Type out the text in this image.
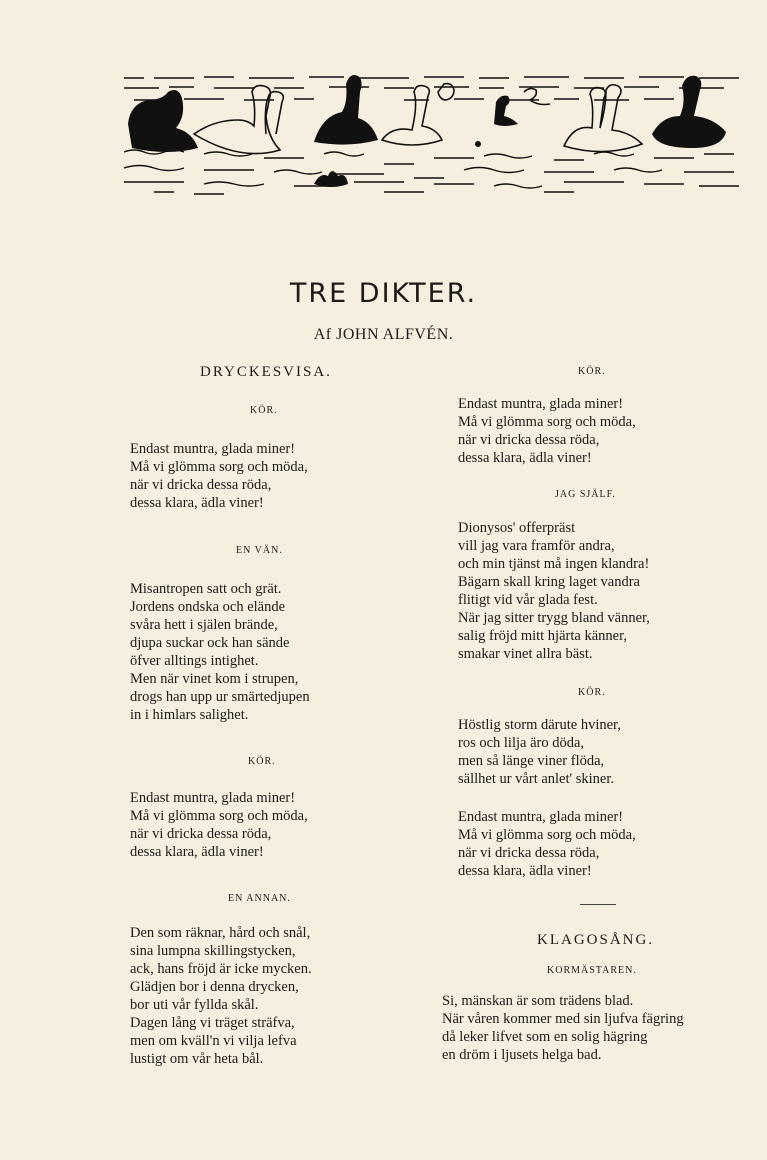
TRE DIKTER.
Af JOHN ALFVÉN.
DRYCKESVISA.
KÖR.
Endast muntra, glada miner!
Må vi glömma sorg och möda,
när vi dricka dessa röda,
dessa klara, ädla viner!
EN VÄN.
Misantropen satt och grät.
Jordens ondska och elände
svåra hett i själen brände,
djupa suckar ock han sände
öfver alltings intighet.
Men när vinet kom i strupen,
drogs han upp ur smärtedjupen
in i himlars salighet.
KÖR.
Endast muntra, glada miner!
Må vi glömma sorg och möda,
när vi dricka dessa röda,
dessa klara, ädla viner!
EN ANNAN.
Den som räknar, hård och snål,
sina lumpna skillingstycken,
ack, hans fröjd är icke mycken.
Glädjen bor i denna drycken,
bor uti vår fyllda skål.
Dagen lång vi träget sträfva,
men om kväll'n vi vilja lefva
lustigt om vår heta bål.
KÖR.
Endast muntra, glada miner!
Må vi glömma sorg och möda,
när vi dricka dessa röda,
dessa klara, ädla viner!
JAG SJÄLF.
Dionysos' offerpräst
vill jag vara framför andra,
och min tjänst må ingen klandra!
Bägarn skall kring laget vandra
flitigt vid vår glada fest.
När jag sitter trygg bland vänner,
salig fröjd mitt hjärta känner,
smakar vinet allra bäst.
KÖR.
Höstlig storm därute hviner,
ros och lilja äro döda,
men så länge viner flöda,
sällhet ur vårt anlet' skiner.
Endast muntra, glada miner!
Må vi glömma sorg och möda,
när vi dricka dessa röda,
dessa klara, ädla viner!
KLAGOSÅNG.
KORMÄSTAREN.
Si, mänskan är som trädens blad.
När våren kommer med sin ljufva fägring
då leker lifvet som en solig hägring
en dröm i ljusets helga bad.
